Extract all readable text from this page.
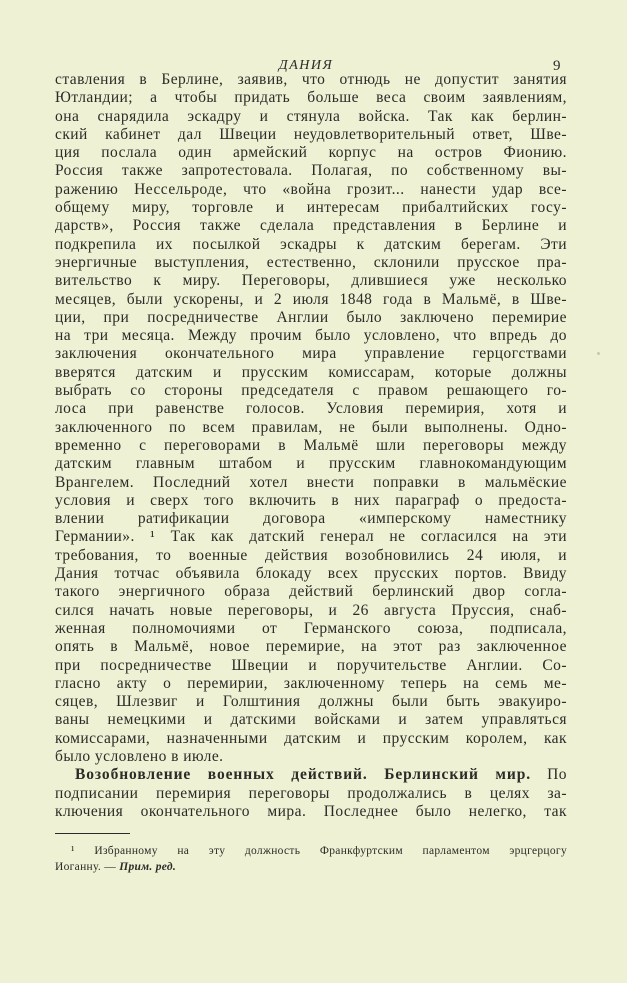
ДАНИЯ	9
ставления в Берлине, заявив, что отнюдь не допустит занятия
Ютландии; а чтобы придать больше веса своим заявлениям,
она снарядила эскадру и стянула войска. Так как берлин-
ский кабинет дал Швеции неудовлетворительный ответ, Шве-
ция послала один армейский корпус на остров Фионию.
Россия также запротестовала. Полагая, по собственному вы-
ражению Нессельроде, что «война грозит... нанести удар все-
общему миру, торговле и интересам прибалтийских госу-
дарств», Россия также сделала представления в Берлине и
подкрепила их посылкой эскадры к датским берегам. Эти
энергичные выступления, естественно, склонили прусское пра-
вительство к миру. Переговоры, длившиеся уже несколько
месяцев, были ускорены, и 2 июля 1848 года в Мальмё, в Шве-
ции, при посредничестве Англии было заключено перемирие
на три месяца. Между прочим было условлено, что впредь до
заключения окончательного мира управление герцогствами
вверятся датским и прусским комиссарам, которые должны
выбрать со стороны председателя с правом решающего го-
лоса при равенстве голосов. Условия перемирия, хотя и
заключенного по всем правилам, не были выполнены. Одно-
временно с переговорами в Мальмё шли переговоры между
датским главным штабом и прусским главнокомандующим
Врангелем. Последний хотел внести поправки в мальмёские
условия и сверх того включить в них параграф о предоста-
влении ратификации договора «имперскому наместнику
Германии». ¹ Так как датский генерал не согласился на эти
требования, то военные действия возобновились 24 июля, и
Дания тотчас объявила блокаду всех прусских портов. Ввиду
такого энергичного образа действий берлинский двор согла-
сился начать новые переговоры, и 26 августа Пруссия, снаб-
женная полномочиями от Германского союза, подписала,
опять в Мальмё, новое перемирие, на этот раз заключенное
при посредничестве Швеции и поручительстве Англии. Со-
гласно акту о перемирии, заключенному теперь на семь ме-
сяцев, Шлезвиг и Голштиния должны были быть эвакуиро-
ваны немецкими и датскими войсками и затем управляться
комиссарами, назначенными датским и прусским королем, как
было условлено в июле.
Возобновление военных действий. Берлинский мир. По
подписании перемирия переговоры продолжались в целях за-
ключения окончательного мира. Последнее было нелегко, так
¹ Избранному на эту должность Франкфуртским парламентом эрцгерцогу
Иоганну. — Прим. ред.
